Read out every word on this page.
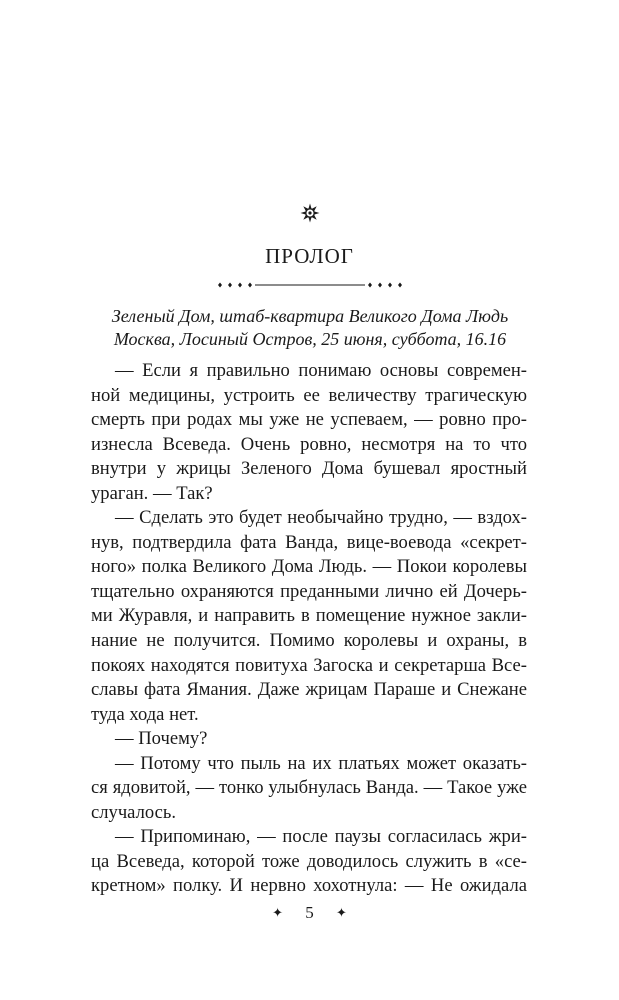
ПРОЛОГ
Зеленый Дом, штаб-квартира Великого Дома Людь
Москва, Лосиный Остров, 25 июня, суббота, 16.16
— Если я правильно понимаю основы современ-
ной медицины, устроить ее величеству трагическую
смерть при родах мы уже не успеваем, — ровно про-
изнесла Всеведа. Очень ровно, несмотря на то что
внутри у жрицы Зеленого Дома бушевал яростный
ураган. — Так?
— Сделать это будет необычайно трудно, — вздох-
нув, подтвердила фата Ванда, вице-воевода «секрет-
ного» полка Великого Дома Людь. — Покои королевы
тщательно охраняются преданными лично ей Дочерь-
ми Журавля, и направить в помещение нужное закли-
нание не получится. Помимо королевы и охраны, в
покоях находятся повитуха Загоска и секретарша Все-
славы фата Ямания. Даже жрицам Параше и Снежане
туда хода нет.
— Почему?
— Потому что пыль на их платьях может оказать-
ся ядовитой, — тонко улыбнулась Ванда. — Такое уже
случалось.
— Припоминаю, — после паузы согласилась жри-
ца Всеведа, которой тоже доводилось служить в «се-
кретном» полку. И нервно хохотнула: — Не ожидала
✦ 5 ✦
